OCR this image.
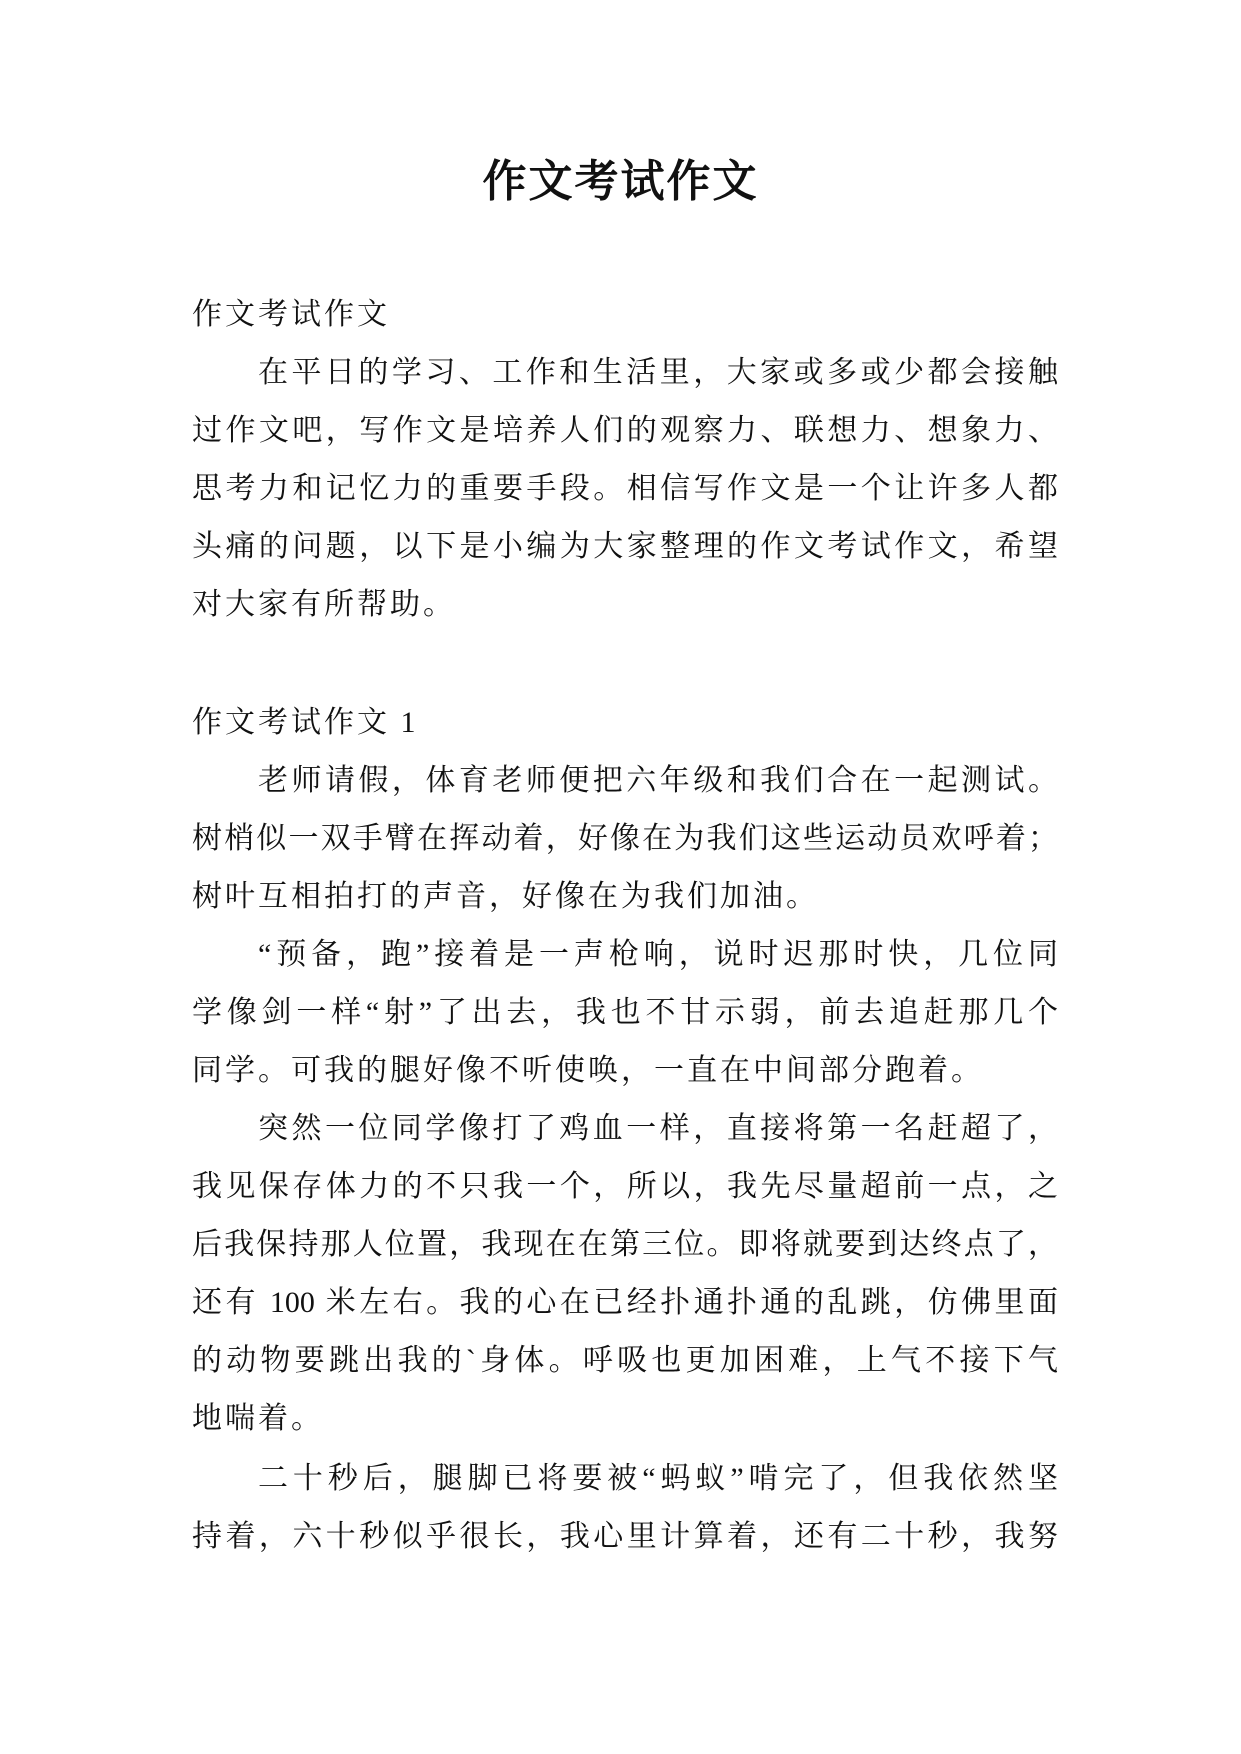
作文考试作文
作文考试作文
在平日的学习、工作和生活里，大家或多或少都会接触
过作文吧，写作文是培养人们的观察力、联想力、想象力、
思考力和记忆力的重要手段。相信写作文是一个让许多人都
头痛的问题，以下是小编为大家整理的作文考试作文，希望
对大家有所帮助。
作文考试作文 1
老师请假，体育老师便把六年级和我们合在一起测试。
树梢似一双手臂在挥动着，好像在为我们这些运动员欢呼着；
树叶互相拍打的声音，好像在为我们加油。
“预备，跑”接着是一声枪响，说时迟那时快，几位同
学像剑一样“射”了出去，我也不甘示弱，前去追赶那几个
同学。可我的腿好像不听使唤，一直在中间部分跑着。
突然一位同学像打了鸡血一样，直接将第一名赶超了，
我见保存体力的不只我一个，所以，我先尽量超前一点，之
后我保持那人位置，我现在在第三位。即将就要到达终点了，
还有 100 米左右。我的心在已经扑通扑通的乱跳，仿佛里面
的动物要跳出我的`身体。呼吸也更加困难，上气不接下气
地喘着。
二十秒后，腿脚已将要被“蚂蚁”啃完了，但我依然坚
持着，六十秒似乎很长，我心里计算着，还有二十秒，我努
